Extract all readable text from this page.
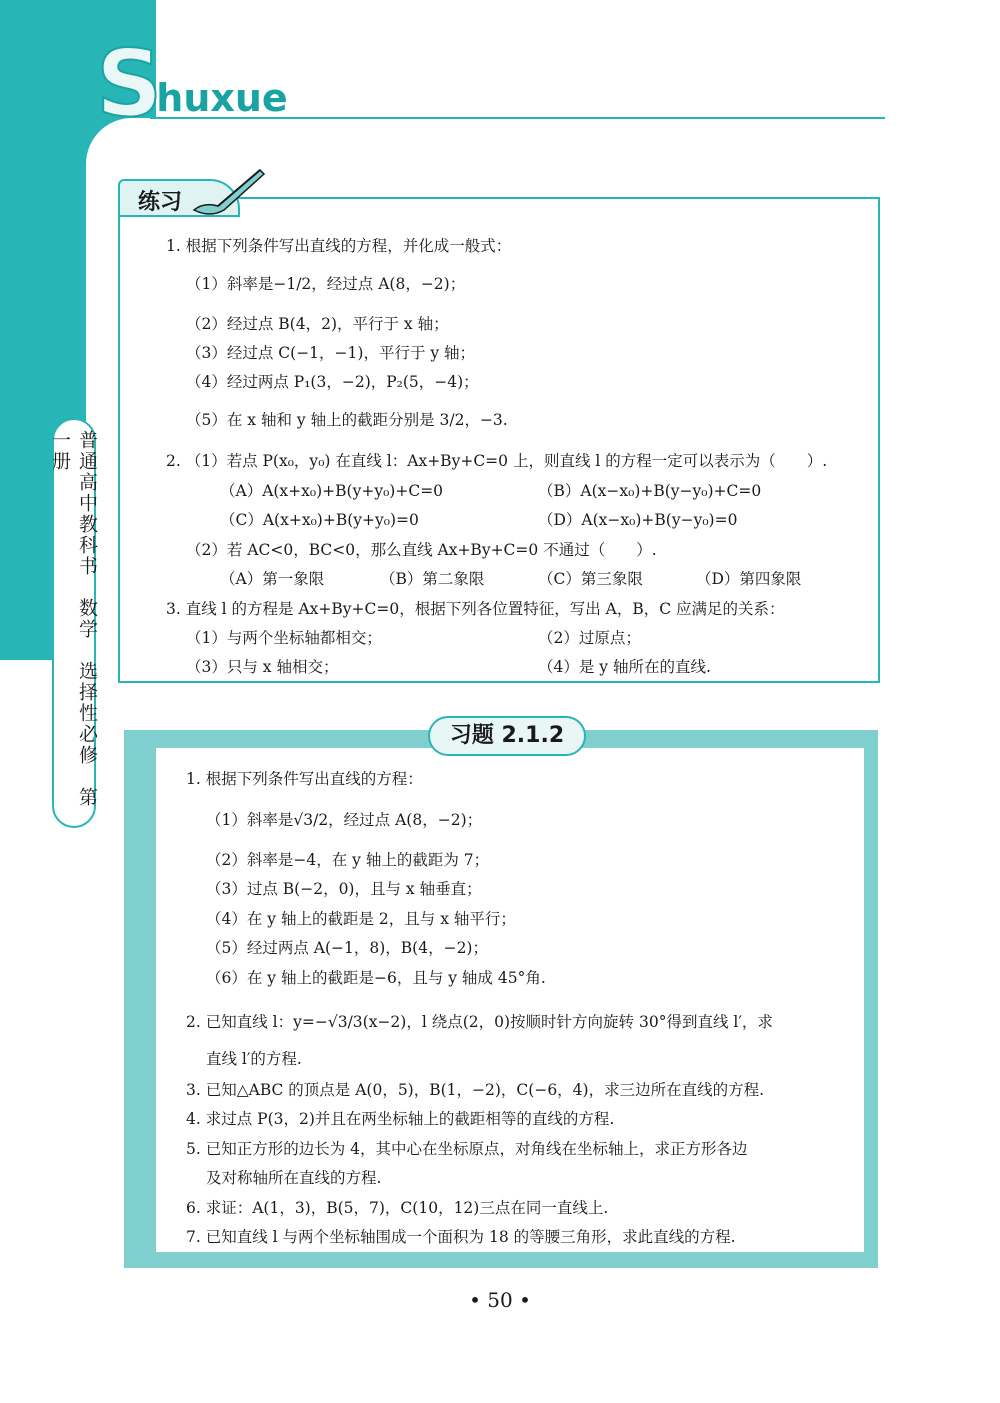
Shuxue
普通高中教科书　数学　选择性必修　第一册
练习
1. 根据下列条件写出直线的方程，并化成一般式：
（1）斜率是−1/2，经过点 A(8，−2)；
（2）经过点 B(4，2)，平行于 x 轴；
（3）经过点 C(−1，−1)，平行于 y 轴；
（4）经过两点 P₁(3，−2)，P₂(5，−4)；
（5）在 x 轴和 y 轴上的截距分别是 3/2，−3.
2. （1）若点 P(x₀，y₀) 在直线 l：Ax+By+C=0 上，则直线 l 的方程一定可以表示为（　　）.
（A）A(x+x₀)+B(y+y₀)+C=0	（B）A(x−x₀)+B(y−y₀)+C=0
（C）A(x+x₀)+B(y+y₀)=0	（D）A(x−x₀)+B(y−y₀)=0
（2）若 AC<0，BC<0，那么直线 Ax+By+C=0 不通过（　　）.
（A）第一象限	（B）第二象限	（C）第三象限	（D）第四象限
3. 直线 l 的方程是 Ax+By+C=0，根据下列各位置特征，写出 A，B，C 应满足的关系：
（1）与两个坐标轴都相交；	（2）过原点；
（3）只与 x 轴相交；	（4）是 y 轴所在的直线.
习题 2.1.2
1. 根据下列条件写出直线的方程：
（1）斜率是√3/2，经过点 A(8，−2)；
（2）斜率是−4，在 y 轴上的截距为 7；
（3）过点 B(−2，0)，且与 x 轴垂直；
（4）在 y 轴上的截距是 2，且与 x 轴平行；
（5）经过两点 A(−1，8)，B(4，−2)；
（6）在 y 轴上的截距是−6，且与 y 轴成 45°角.
2. 已知直线 l：y=−√3/3(x−2)，l 绕点(2，0)按顺时针方向旋转 30°得到直线 l′，求
直线 l′的方程.
3. 已知△ABC 的顶点是 A(0，5)，B(1，−2)，C(−6，4)，求三边所在直线的方程.
4. 求过点 P(3，2)并且在两坐标轴上的截距相等的直线的方程.
5. 已知正方形的边长为 4，其中心在坐标原点，对角线在坐标轴上，求正方形各边
及对称轴所在直线的方程.
6. 求证：A(1，3)，B(5，7)，C(10，12)三点在同一直线上.
7. 已知直线 l 与两个坐标轴围成一个面积为 18 的等腰三角形，求此直线的方程.
• 50 •
